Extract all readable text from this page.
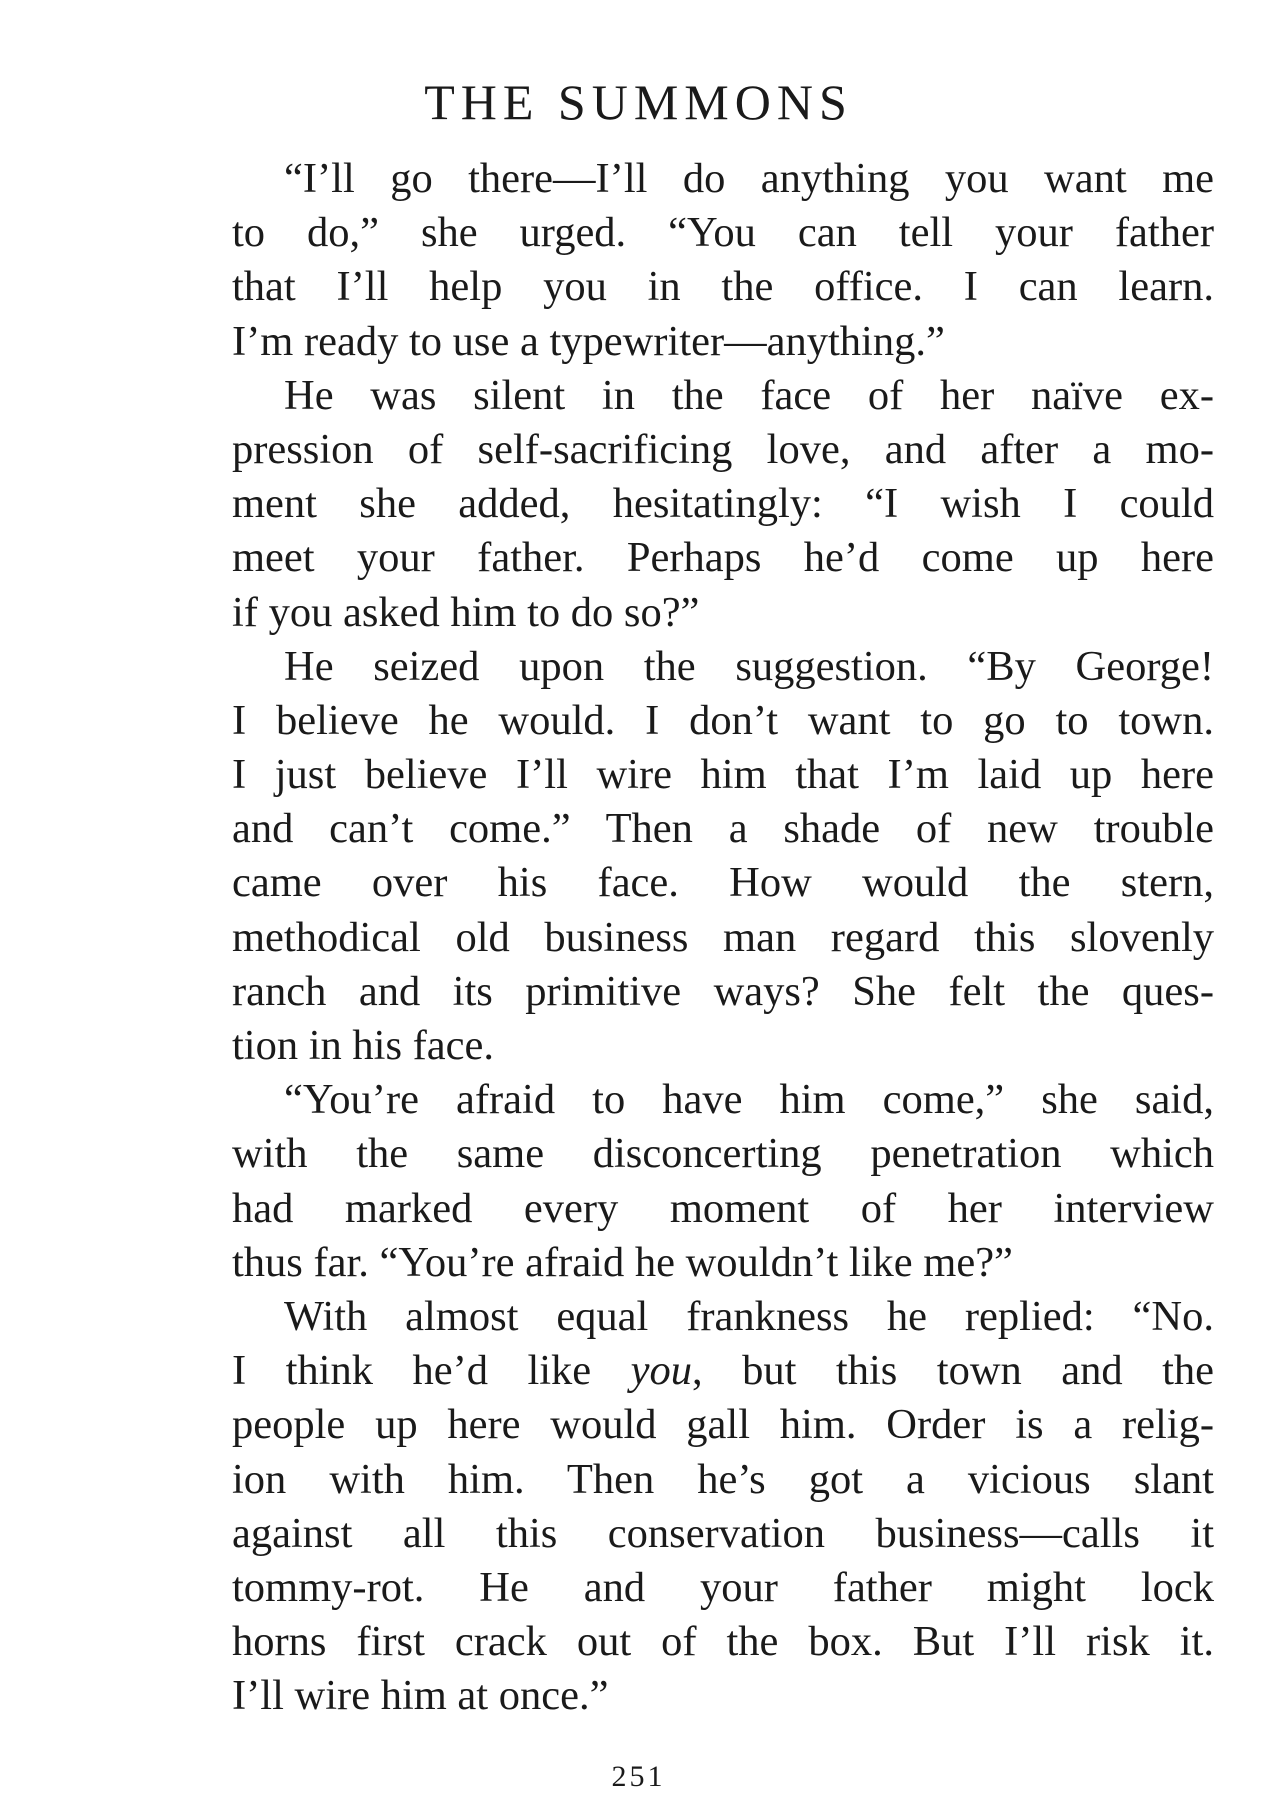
THE SUMMONS
“I’ll go there—I’ll do anything you want me
to do,” she urged. “You can tell your father
that I’ll help you in the office. I can learn.
I’m ready to use a typewriter—anything.”
He was silent in the face of her naïve ex-
pression of self-sacrificing love, and after a mo-
ment she added, hesitatingly: “I wish I could
meet your father. Perhaps he’d come up here
if you asked him to do so?”
He seized upon the suggestion. “By George!
I believe he would. I don’t want to go to town.
I just believe I’ll wire him that I’m laid up here
and can’t come.” Then a shade of new trouble
came over his face. How would the stern,
methodical old business man regard this slovenly
ranch and its primitive ways? She felt the ques-
tion in his face.
“You’re afraid to have him come,” she said,
with the same disconcerting penetration which
had marked every moment of her interview
thus far. “You’re afraid he wouldn’t like me?”
With almost equal frankness he replied: “No.
I think he’d like you, but this town and the
people up here would gall him. Order is a relig-
ion with him. Then he’s got a vicious slant
against all this conservation business—calls it
tommy-rot. He and your father might lock
horns first crack out of the box. But I’ll risk it.
I’ll wire him at once.”
251
